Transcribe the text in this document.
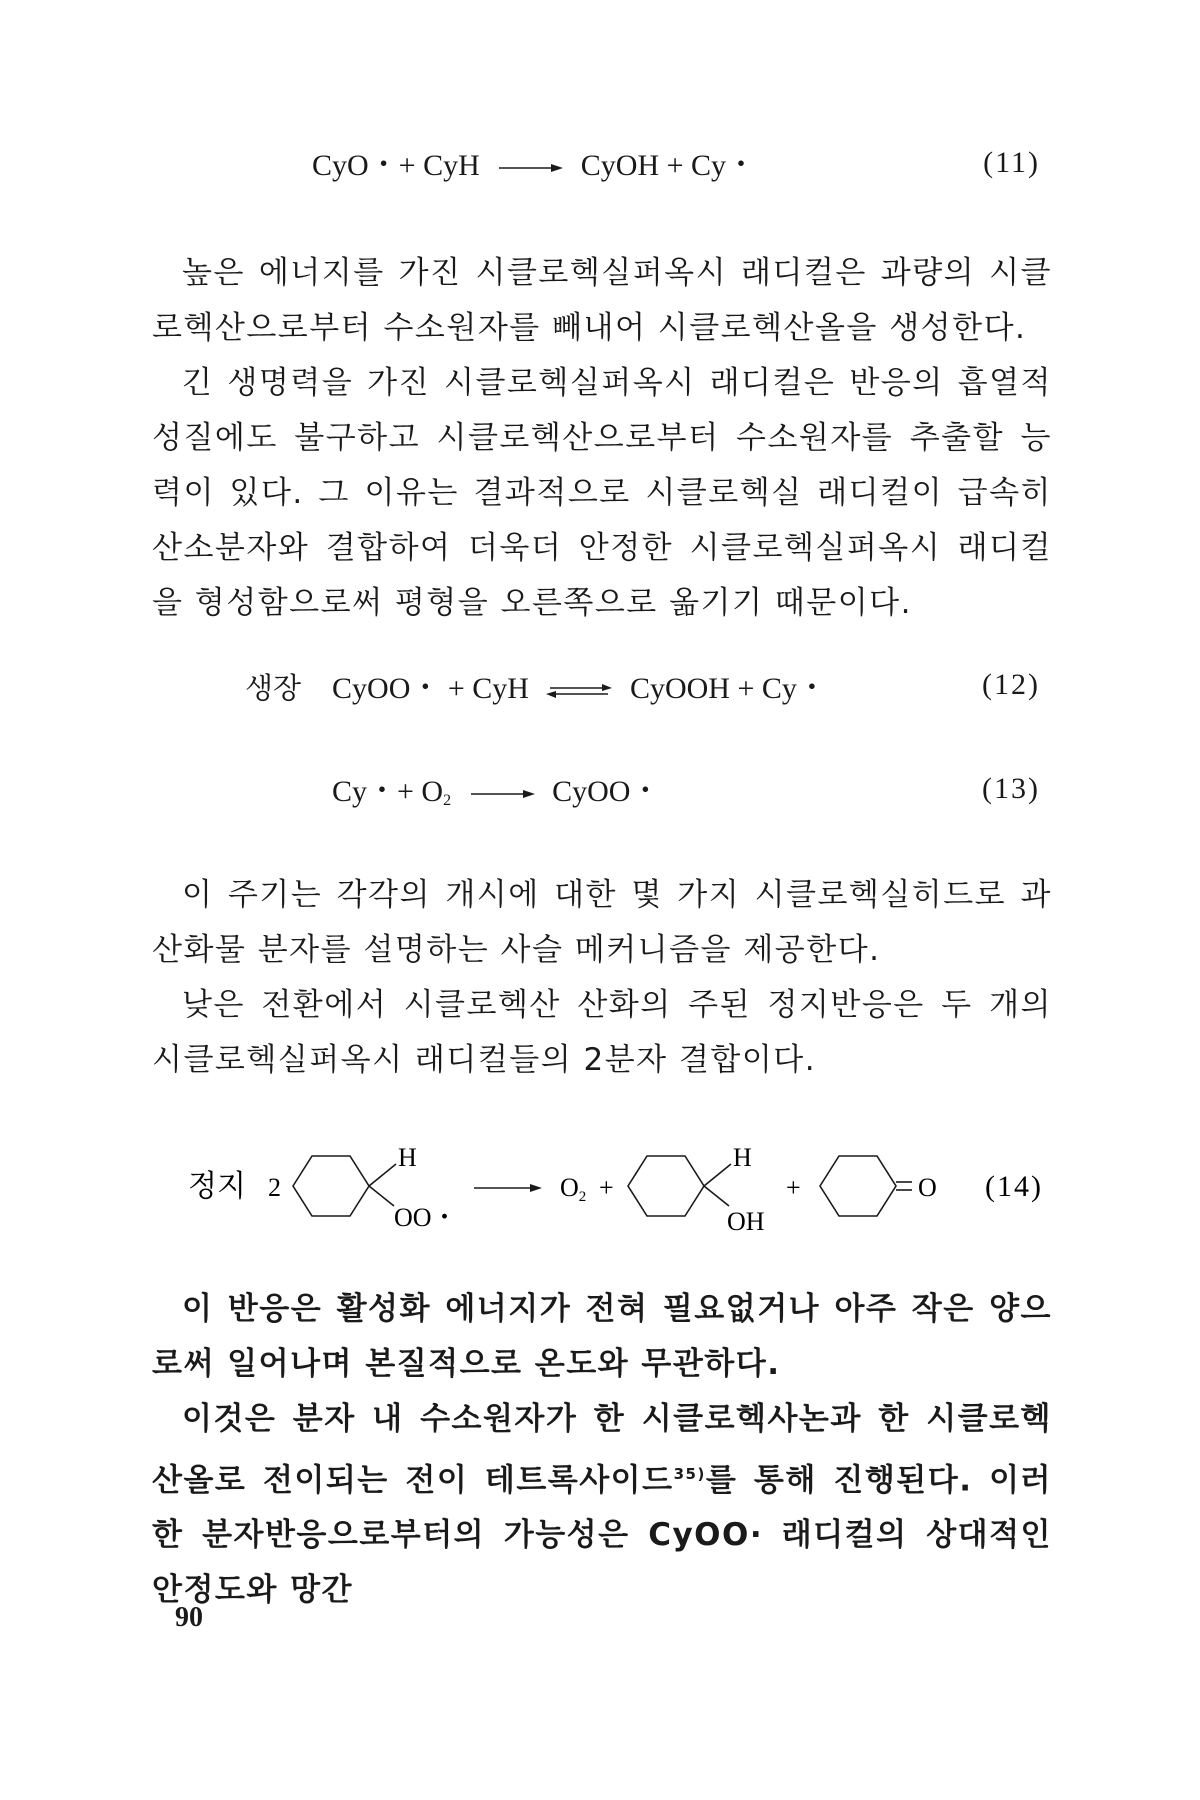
CyO・+ CyH	CyOH + Cy・	(11)
높은 에너지를 가진 시클로헥실퍼옥시 래디컬은 과량의 시클로헥산으로부터 수소원자를 빼내어 시클로헥산올을 생성한다.
긴 생명력을 가진 시클로헥실퍼옥시 래디컬은 반응의 흡열적 성질에도 불구하고 시클로헥산으로부터 수소원자를 추출할 능력이 있다. 그 이유는 결과적으로 시클로헥실 래디컬이 급속히 산소분자와 결합하여 더욱더 안정한 시클로헥실퍼옥시 래디컬을 형성함으로써 평형을 오른쪽으로 옮기기 때문이다.
생장 CyOO・ + CyH ⇌ CyOOH + Cy・	(12)
Cy・+ $O_2$	CyOO・	(13)
이 주기는 각각의 개시에 대한 몇 가지 시클로헥실히드로 과산화물 분자를 설명하는 사슬 메커니즘을 제공한다.
낮은 전환에서 시클로헥산 산화의 주된 정지반응은 두 개의 시클로헥실퍼옥시 래디컬들의 2분자 결합이다.
정지 2
H
OO・
O2 +
H
OH
+	O (14)
이 반응은 활성화 에너지가 전혀 필요없거나 아주 작은 양으로써 일어나며 본질적으로 온도와 무관하다.
이것은 분자 내 수소원자가 한 시클로헥사논과 한 시클로헥산올로 전이되는 전이 테트록사이드$^{35)}$를 통해 진행된다. 이러한 분자반응으로부터의 가능성은 CyOO· 래디컬의 상대적인 안정도와 망간
90
